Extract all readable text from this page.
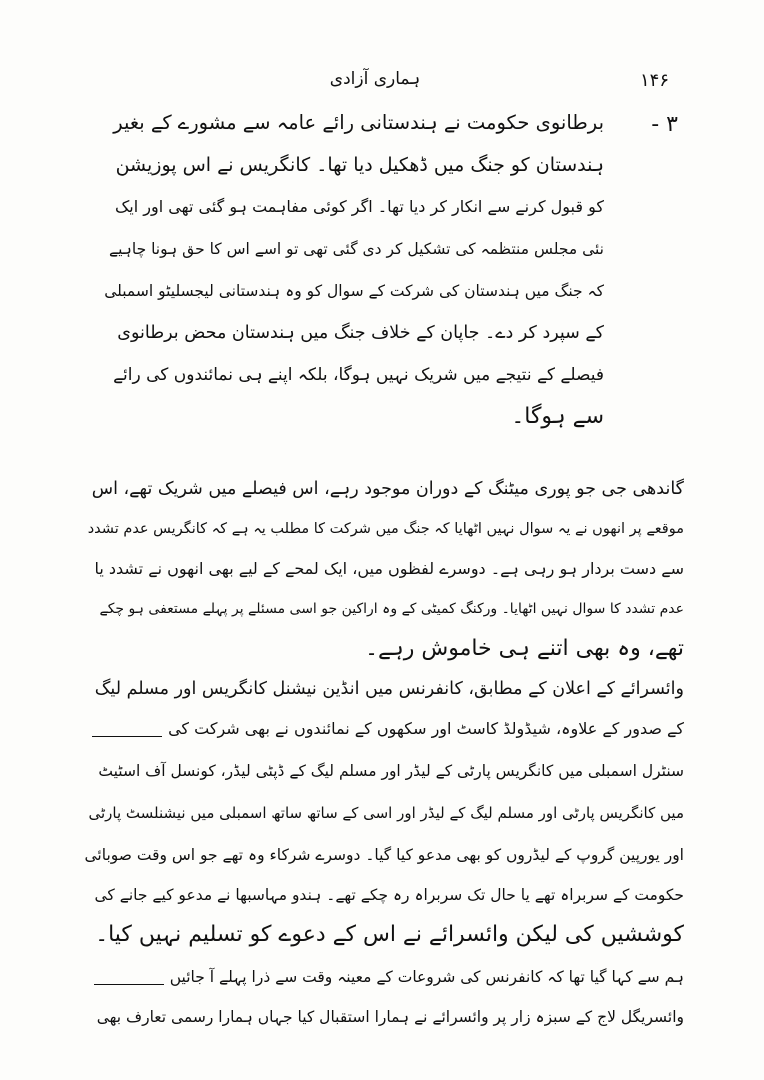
ہماری آزادی	۱۴۶
۳ -
برطانوی حکومت نے ہندستانی رائے عامہ سے مشورے کے بغیر
ہندستان کو جنگ میں ڈھکیل دیا تھا۔ کانگریس نے اس پوزیشن
کو قبول کرنے سے انکار کر دیا تھا۔ اگر کوئی مفاہمت ہو گئی تھی اور ایک
نئی مجلس منتظمہ کی تشکیل کر دی گئی تھی تو اسے اس کا حق ہونا چاہیے
کہ جنگ میں ہندستان کی شرکت کے سوال کو وہ ہندستانی لیجسلیٹو اسمبلی
کے سپرد کر دے۔ جاپان کے خلاف جنگ میں ہندستان محض برطانوی
فیصلے کے نتیجے میں شریک نہیں ہوگا، بلکہ اپنے ہی نمائندوں کی رائے
سے ہوگا۔
گاندھی جی جو پوری میٹنگ کے دوران موجود رہے، اس فیصلے میں شریک تھے، اس
موقعے پر انھوں نے یہ سوال نہیں اٹھایا کہ جنگ میں شرکت کا مطلب یہ ہے کہ کانگریس عدم تشدد
سے دست بردار ہو رہی ہے۔ دوسرے لفظوں میں، ایک لمحے کے لیے بھی انھوں نے تشدد یا
عدم تشدد کا سوال نہیں اٹھایا۔ ورکنگ کمیٹی کے وہ اراکین جو اسی مسئلے پر پہلے مستعفی ہو چکے
تھے، وہ بھی اتنے ہی خاموش رہے۔
وائسرائے کے اعلان کے مطابق، کانفرنس میں انڈین نیشنل کانگریس اور مسلم لیگ
کے صدور کے علاوہ، شیڈولڈ کاسٹ اور سکھوں کے نمائندوں نے بھی شرکت کی
سنٹرل اسمبلی میں کانگریس پارٹی کے لیڈر اور مسلم لیگ کے ڈپٹی لیڈر، کونسل آف اسٹیٹ
میں کانگریس پارٹی اور مسلم لیگ کے لیڈر اور اسی کے ساتھ ساتھ اسمبلی میں نیشنلسٹ پارٹی
اور یورپین گروپ کے لیڈروں کو بھی مدعو کیا گیا۔ دوسرے شرکاء وہ تھے جو اس وقت صوبائی
حکومت کے سربراہ تھے یا حال تک سربراہ رہ چکے تھے۔ ہندو مہاسبھا نے مدعو کیے جانے کی
کوششیں کی لیکن وائسرائے نے اس کے دعوے کو تسلیم نہیں کیا۔
ہم سے کہا گیا تھا کہ کانفرنس کی شروعات کے معینہ وقت سے ذرا پہلے آ جائیں
وائسریگل لاج کے سبزہ زار پر وائسرائے نے ہمارا استقبال کیا جہاں ہمارا رسمی تعارف بھی
